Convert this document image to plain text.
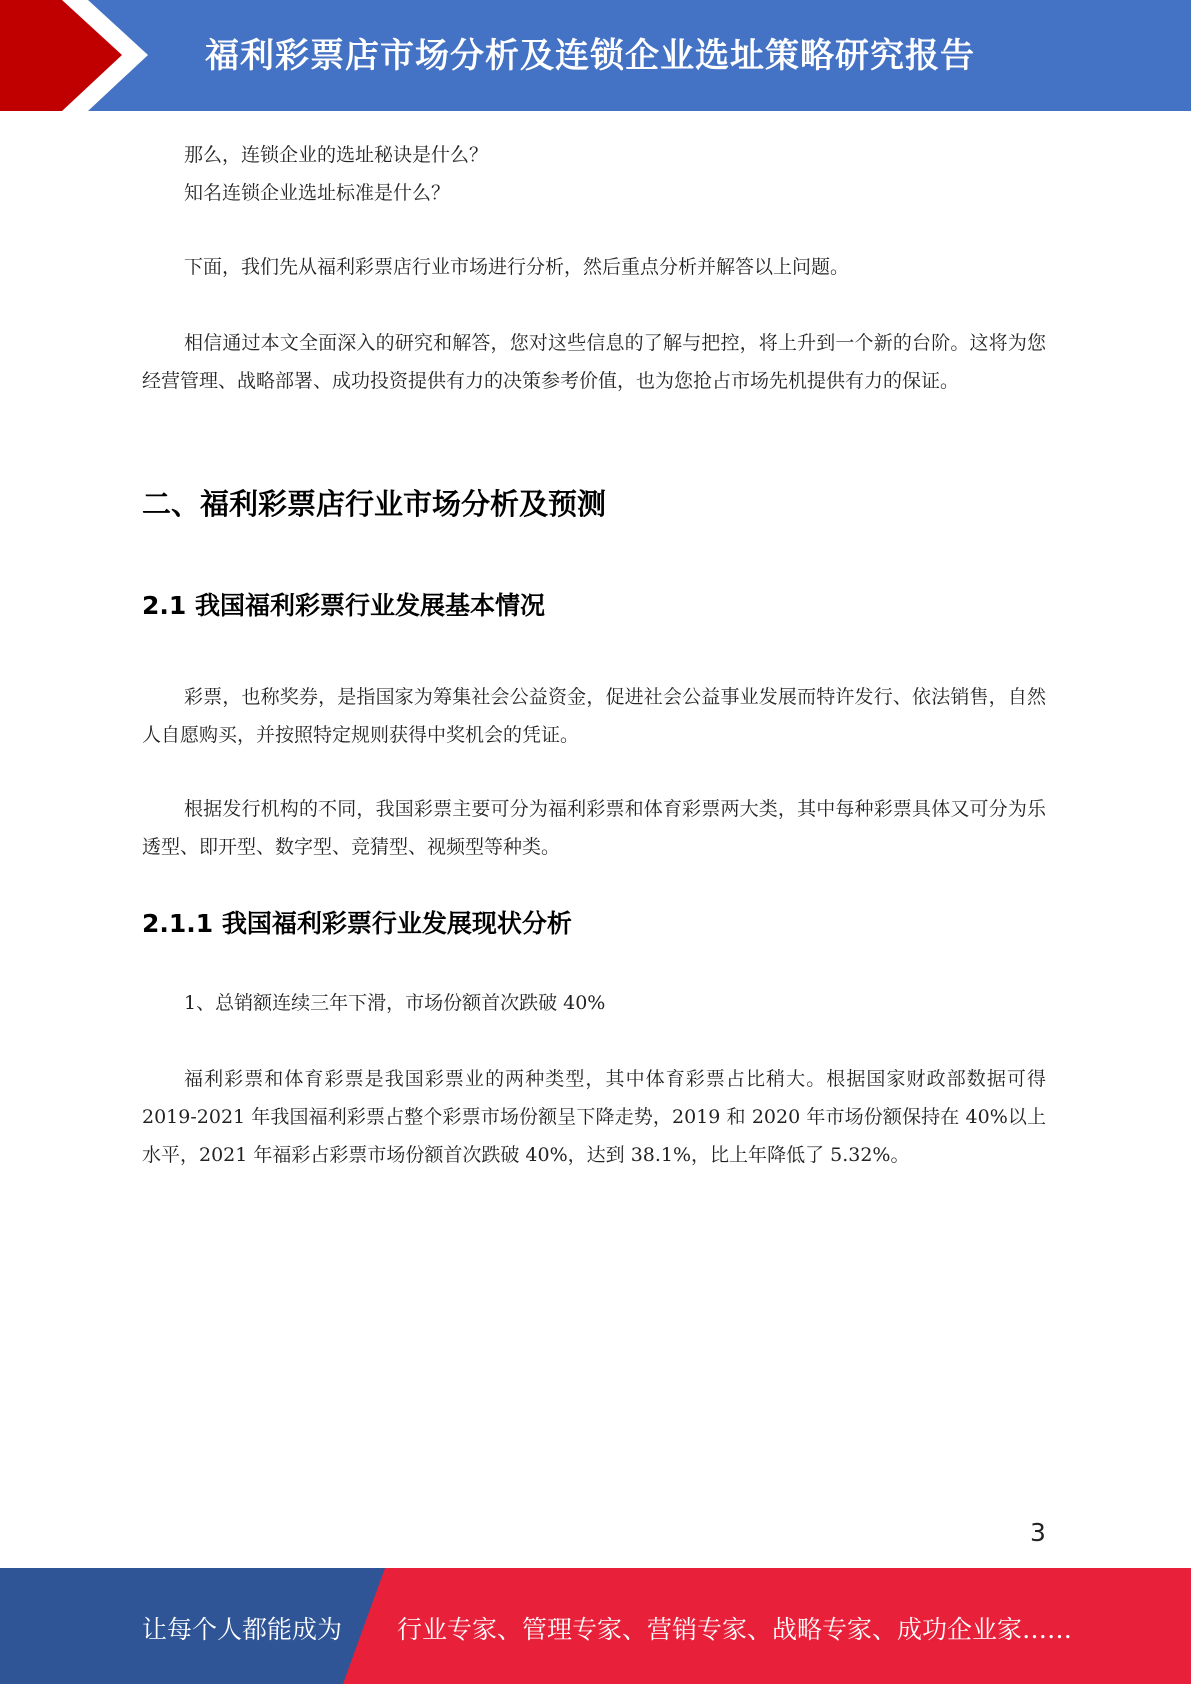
福利彩票店市场分析及连锁企业选址策略研究报告

那么，连锁企业的选址秘诀是什么？

知名连锁企业选址标准是什么？

下面，我们先从福利彩票店行业市场进行分析，然后重点分析并解答以上问题。

相信通过本文全面深入的研究和解答，您对这些信息的了解与把控，将上升到一个新的台阶。这将为您经营管理、战略部署、成功投资提供有力的决策参考价值，也为您抢占市场先机提供有力的保证。

二、福利彩票店行业市场分析及预测
2.1 我国福利彩票行业发展基本情况

彩票，也称奖券，是指国家为筹集社会公益资金，促进社会公益事业发展而特许发行、依法销售，自然人自愿购买，并按照特定规则获得中奖机会的凭证。

根据发行机构的不同，我国彩票主要可分为福利彩票和体育彩票两大类，其中每种彩票具体又可分为乐透型、即开型、数字型、竞猜型、视频型等种类。

2.1.1 我国福利彩票行业发展现状分析

1、总销额连续三年下滑，市场份额首次跌破 40%

福利彩票和体育彩票是我国彩票业的两种类型，其中体育彩票占比稍大。根据国家财政部数据可得 2019-2021 年我国福利彩票占整个彩票市场份额呈下降走势，2019 和 2020 年市场份额保持在 40%以上水平，2021 年福彩占彩票市场份额首次跌破 40%，达到 38.1%，比上年降低了 5.32%。

3
让每个人都能成为 行业专家、管理专家、营销专家、战略专家、成功企业家……
